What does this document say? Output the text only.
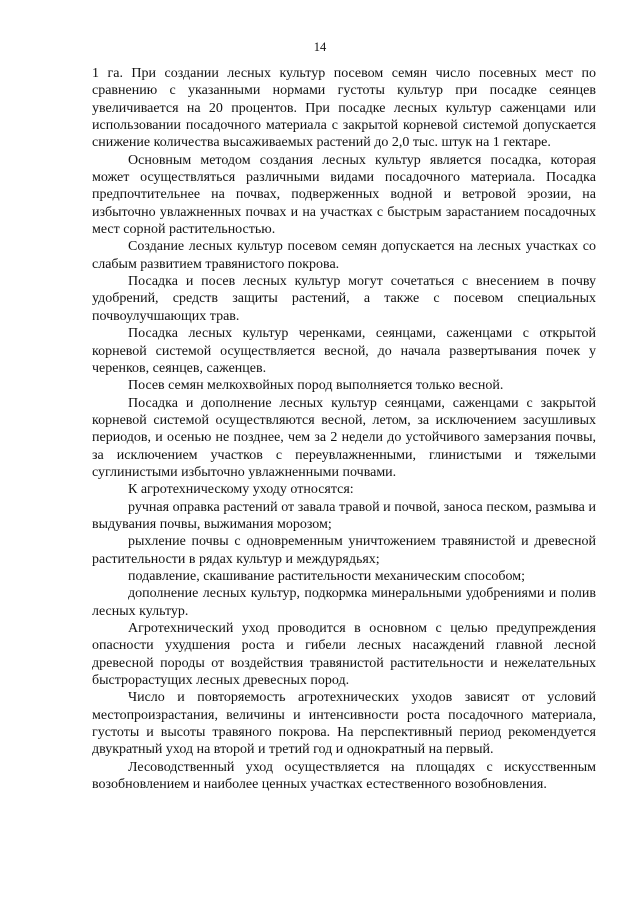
14

1 га. При создании лесных культур посевом семян число посевных мест по сравнению с указанными нормами густоты культур при посадке сеянцев увеличивается на 20 процентов. При посадке лесных культур саженцами или использовании посадочного материала с закрытой корневой системой допускается снижение количества высаживаемых растений до 2,0 тыс. штук на 1 гектаре.

Основным методом создания лесных культур является посадка, которая может осуществляться различными видами посадочного материала. Посадка предпочтительнее на почвах, подверженных водной и ветровой эрозии, на избыточно увлажненных почвах и на участках с быстрым зарастанием посадочных мест сорной растительностью.

Создание лесных культур посевом семян допускается на лесных участках со слабым развитием травянистого покрова.

Посадка и посев лесных культур могут сочетаться с внесением в почву удобрений, средств защиты растений, а также с посевом специальных почвоулучшающих трав.

Посадка лесных культур черенками, сеянцами, саженцами с открытой корневой системой осуществляется весной, до начала развертывания почек у черенков, сеянцев, саженцев.

Посев семян мелкохвойных пород выполняется только весной.

Посадка и дополнение лесных культур сеянцами, саженцами с закрытой корневой системой осуществляются весной, летом, за исключением засушливых периодов, и осенью не позднее, чем за 2 недели до устойчивого замерзания почвы, за исключением участков с переувлажненными, глинистыми и тяжелыми суглинистыми избыточно увлажненными почвами.

К агротехническому уходу относятся:

ручная оправка растений от завала травой и почвой, заноса песком, размыва и выдувания почвы, выжимания морозом;

рыхление почвы с одновременным уничтожением травянистой и древесной растительности в рядах культур и междурядьях;

подавление, скашивание растительности механическим способом;

дополнение лесных культур, подкормка минеральными удобрениями и полив лесных культур.

Агротехнический уход проводится в основном с целью предупреждения опасности ухудшения роста и гибели лесных насаждений главной лесной древесной породы от воздействия травянистой растительности и нежелательных быстрорастущих лесных древесных пород.

Число и повторяемость агротехнических уходов зависят от условий местопроизрастания, величины и интенсивности роста посадочного материала, густоты и высоты травяного покрова. На перспективный период рекомендуется двукратный уход на второй и третий год и однократный на первый.

Лесоводственный уход осуществляется на площадях с искусственным возобновлением и наиболее ценных участках естественного возобновления.
